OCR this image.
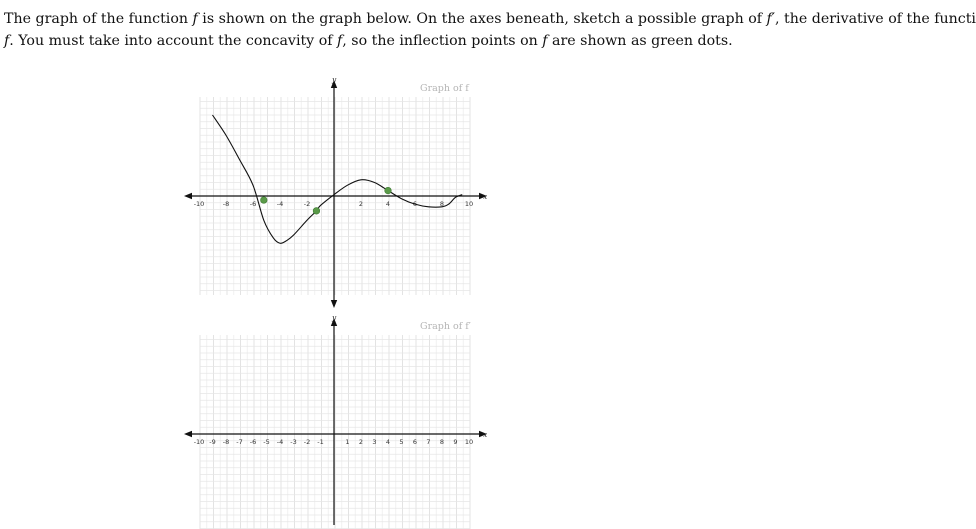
The graph of the function f is shown on the graph below. On the axes beneath, sketch a possible graph of f′, the derivative of the functi
f. You must take into account the concavity of f, so the inflection points on f are shown as green dots.
-10	-8	-6	-4	-2	2	4	6	8	10
Graph of f
y
x
-10 -9 -8 -7 -6 -5 -4 -3 -2 -1	1 2 3 4 5 6 7 8 9 10
Graph of f′
y
x
